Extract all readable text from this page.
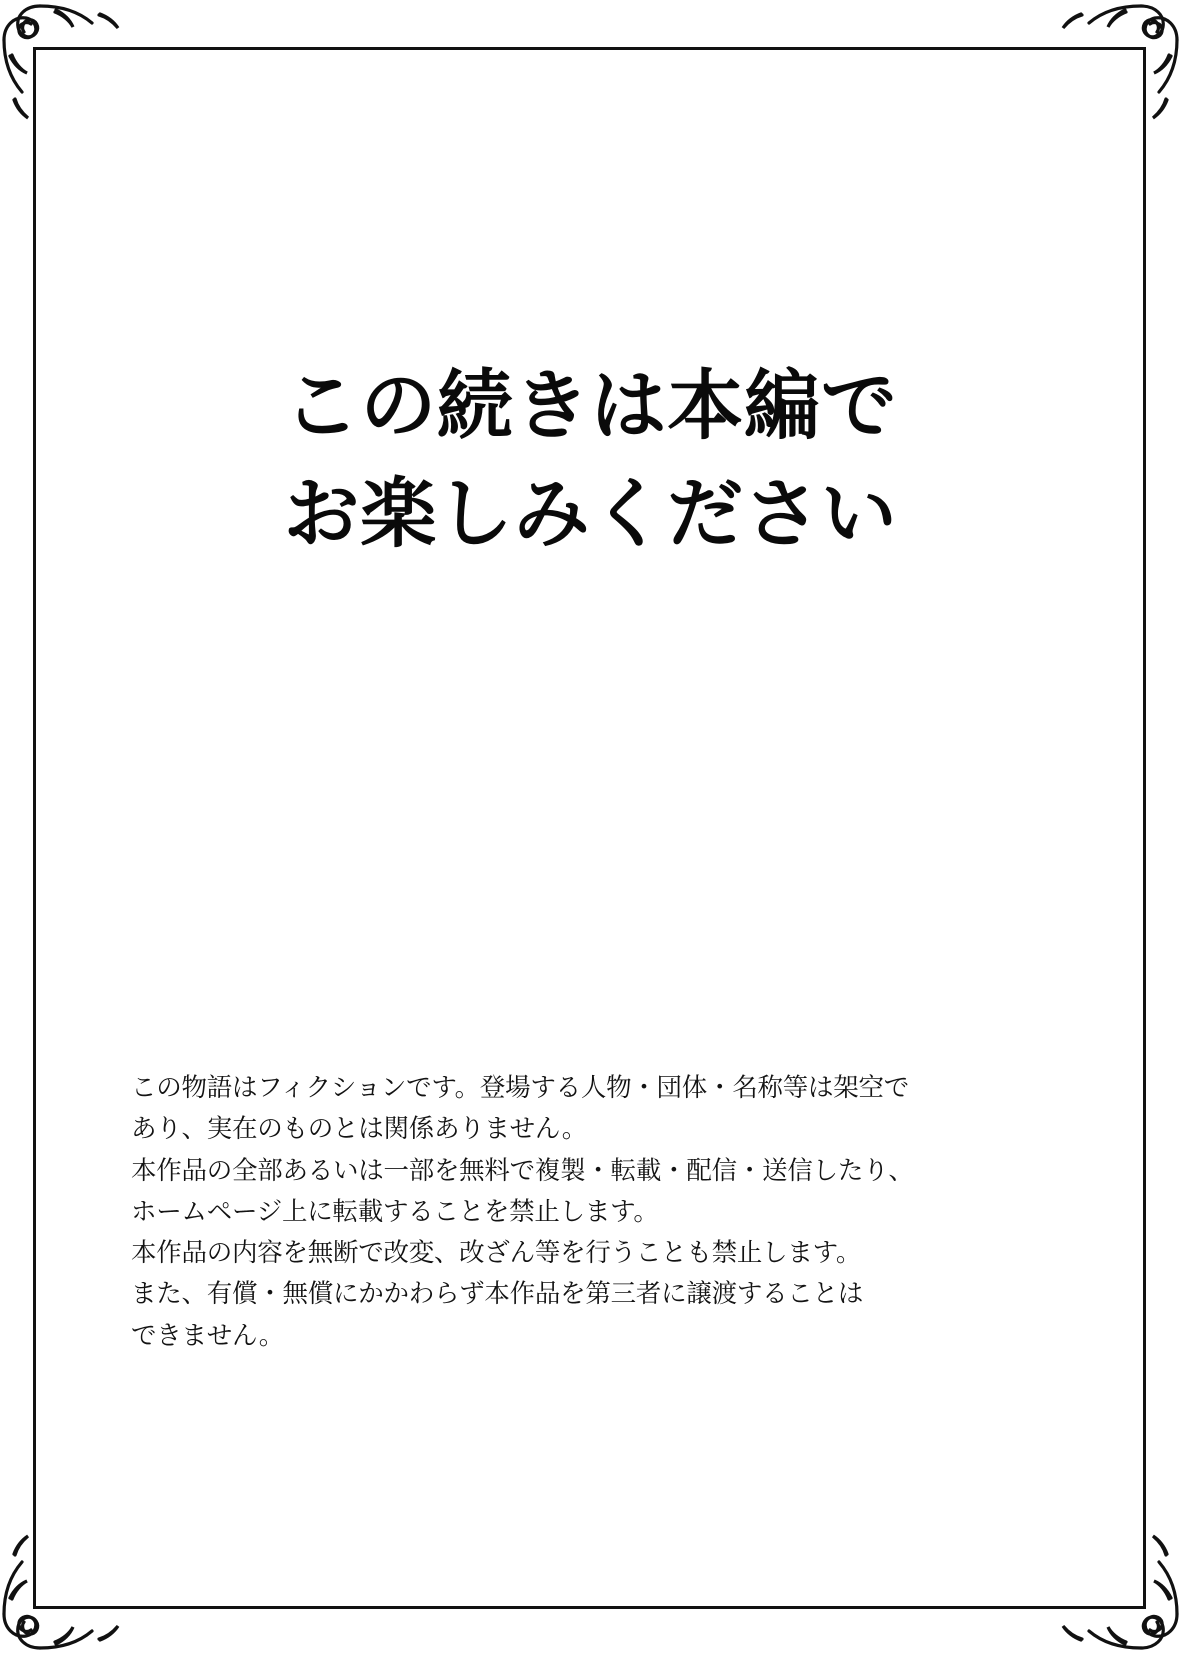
この続きは本編で
お楽しみください

この物語はフィクションです。登場する人物・団体・名称等は架空で

あり、実在のものとは関係ありません。

本作品の全部あるいは一部を無料で複製・転載・配信・送信したり、

ホームページ上に転載することを禁止します。

本作品の内容を無断で改変、改ざん等を行うことも禁止します。

また、有償・無償にかかわらず本作品を第三者に譲渡することは

できません。
